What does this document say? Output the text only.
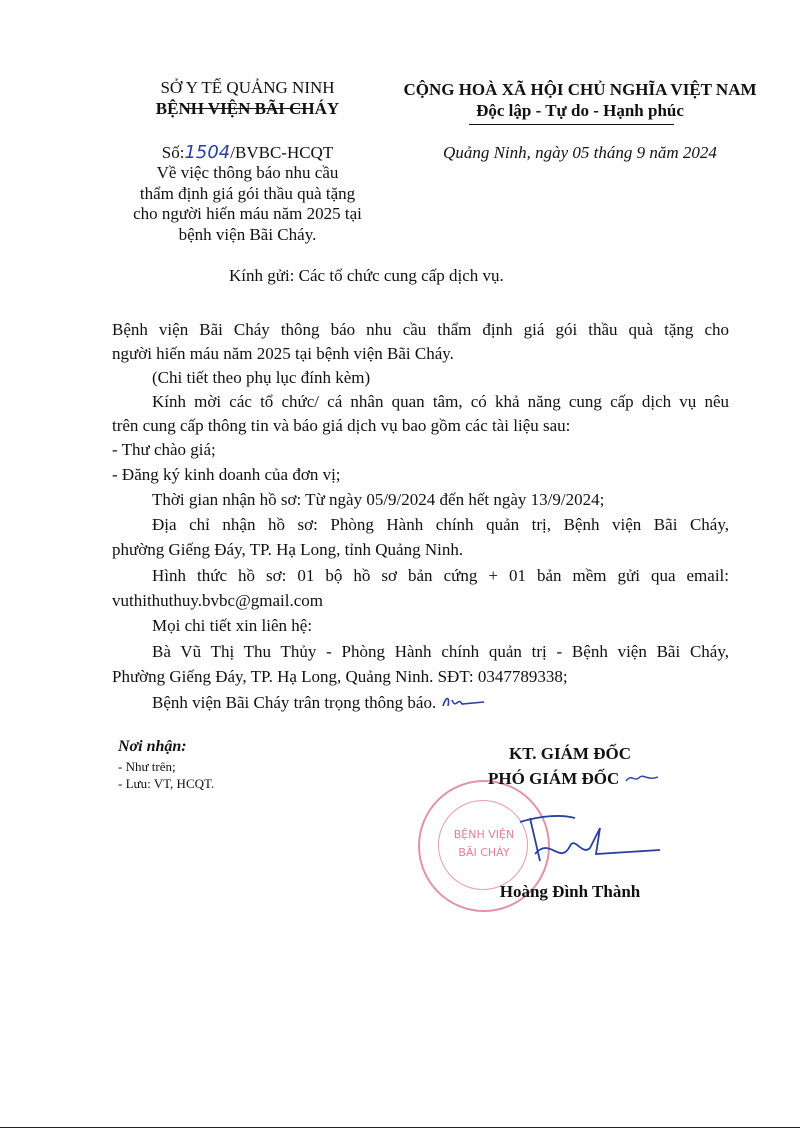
SỞ Y TẾ QUẢNG NINH
BỆNH VIỆN BÃI CHÁY
Số:1504/BVBC-HCQT
Về việc thông báo nhu cầu
thẩm định giá gói thầu quà tặng
cho người hiến máu năm 2025 tại
bệnh viện Bãi Cháy.
CỘNG HOÀ XÃ HỘI CHỦ NGHĨA VIỆT NAM
Độc lập - Tự do - Hạnh phúc
Quảng Ninh, ngày 05 tháng 9 năm 2024
Kính gửi: Các tổ chức cung cấp dịch vụ.
Bệnh viện Bãi Cháy thông báo nhu cầu thẩm định giá gói thầu quà tặng cho
người hiến máu năm 2025 tại bệnh viện Bãi Cháy.
(Chi tiết theo phụ lục đính kèm)
Kính mời các tổ chức/ cá nhân quan tâm, có khả năng cung cấp dịch vụ nêu
trên cung cấp thông tin và báo giá dịch vụ bao gồm các tài liệu sau:
- Thư chào giá;
- Đăng ký kinh doanh của đơn vị;
Thời gian nhận hồ sơ: Từ ngày 05/9/2024 đến hết ngày 13/9/2024;
Địa chỉ nhận hồ sơ: Phòng Hành chính quản trị, Bệnh viện Bãi Cháy,
phường Giếng Đáy, TP. Hạ Long, tỉnh Quảng Ninh.
Hình thức hồ sơ: 01 bộ hồ sơ bản cứng + 01 bản mềm gửi qua email:
vuthithuthuy.bvbc@gmail.com
Mọi chi tiết xin liên hệ:
Bà Vũ Thị Thu Thủy - Phòng Hành chính quản trị - Bệnh viện Bãi Cháy,
Phường Giếng Đáy, TP. Hạ Long, Quảng Ninh. SĐT: 0347789338;
Bệnh viện Bãi Cháy trân trọng thông báo.
Nơi nhận:
- Như trên;
- Lưu: VT, HCQT.
BỆNH VIỆN
BÃI CHÁY
KT. GIÁM ĐỐC
PHÓ GIÁM ĐỐC
Hoàng Đình Thành
